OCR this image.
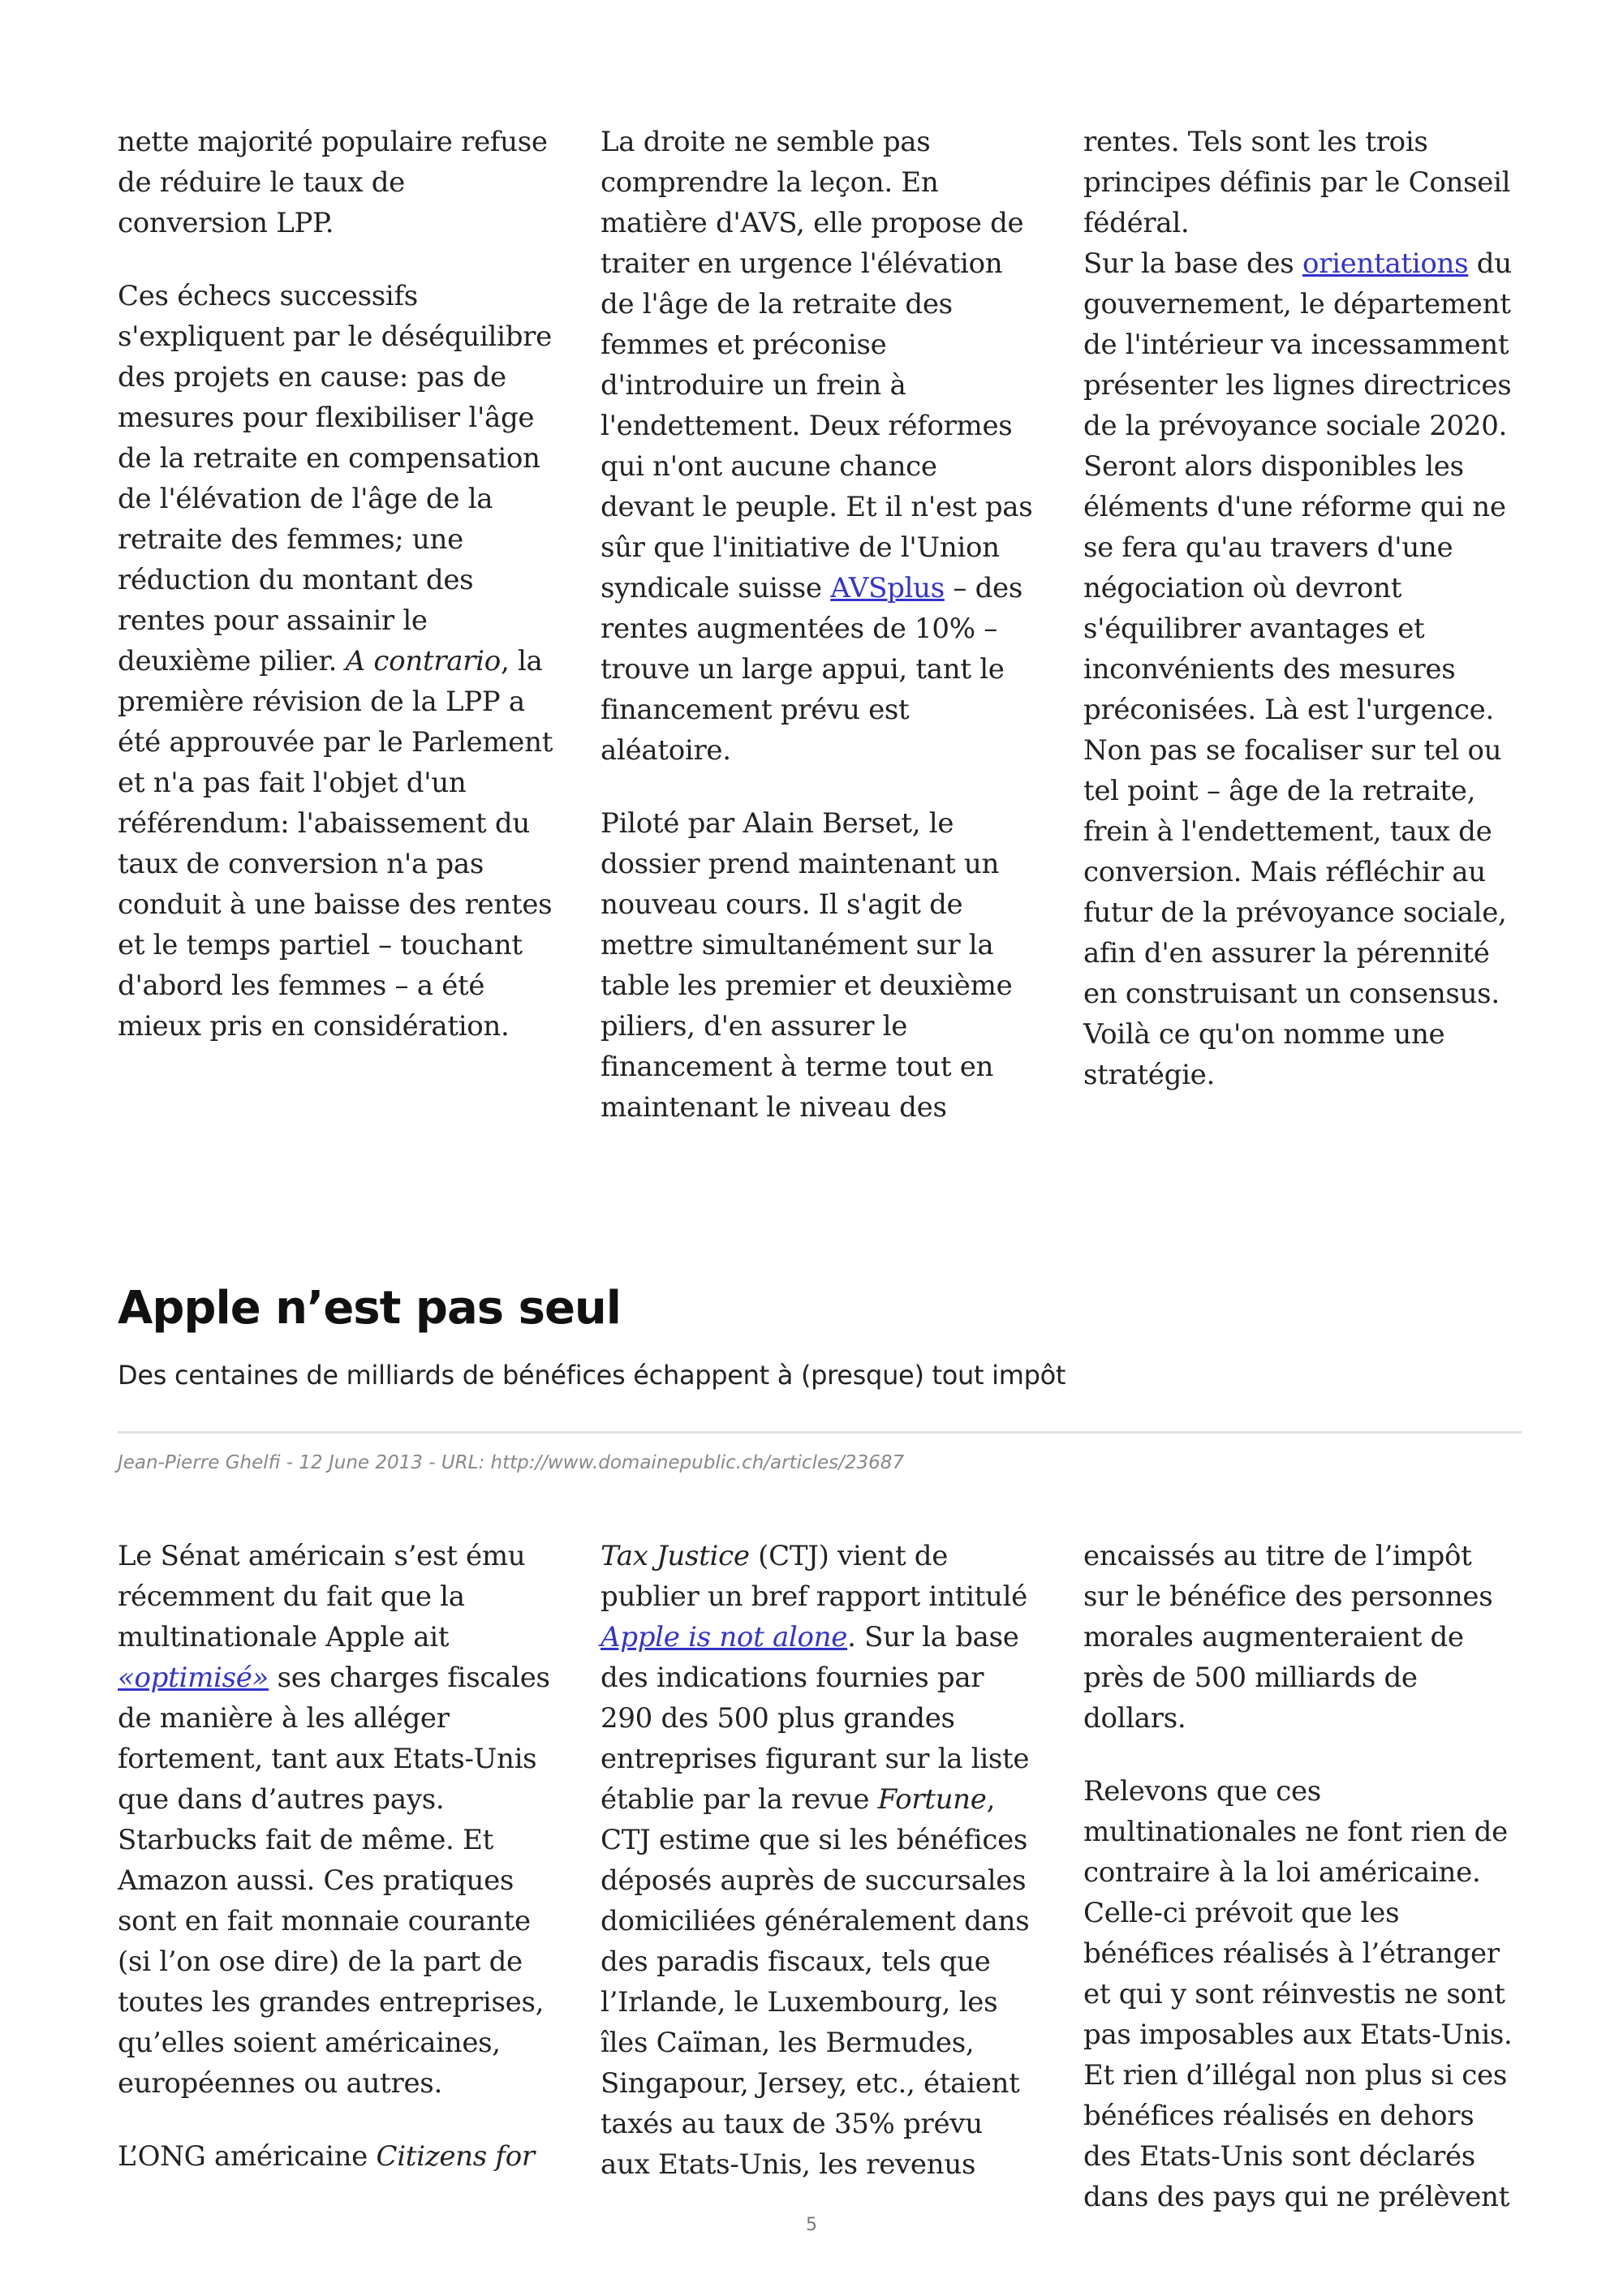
nette majorité populaire refuse de réduire le taux de conversion LPP.

Ces échecs successifs s'expliquent par le déséquilibre des projets en cause: pas de mesures pour flexibiliser l'âge de la retraite en compensation de l'élévation de l'âge de la retraite des femmes; une réduction du montant des rentes pour assainir le deuxième pilier. A contrario, la première révision de la LPP a été approuvée par le Parlement et n'a pas fait l'objet d'un référendum: l'abaissement du taux de conversion n'a pas conduit à une baisse des rentes et le temps partiel – touchant d'abord les femmes – a été mieux pris en considération.

La droite ne semble pas comprendre la leçon. En matière d'AVS, elle propose de traiter en urgence l'élévation de l'âge de la retraite des femmes et préconise d'introduire un frein à l'endettement. Deux réformes qui n'ont aucune chance devant le peuple. Et il n'est pas sûr que l'initiative de l'Union syndicale suisse AVSplus – des rentes augmentées de 10% – trouve un large appui, tant le financement prévu est aléatoire.

Piloté par Alain Berset, le dossier prend maintenant un nouveau cours. Il s'agit de mettre simultanément sur la table les premier et deuxième piliers, d'en assurer le financement à terme tout en maintenant le niveau des

rentes. Tels sont les trois principes définis par le Conseil fédéral.

Sur la base des orientations du gouvernement, le département de l'intérieur va incessamment présenter les lignes directrices de la prévoyance sociale 2020. Seront alors disponibles les éléments d'une réforme qui ne se fera qu'au travers d'une négociation où devront s'équilibrer avantages et inconvénients des mesures préconisées. Là est l'urgence. Non pas se focaliser sur tel ou tel point – âge de la retraite, frein à l'endettement, taux de conversion. Mais réfléchir au futur de la prévoyance sociale, afin d'en assurer la pérennité en construisant un consensus. Voilà ce qu'on nomme une stratégie.

Apple n’est pas seul

Des centaines de milliards de bénéfices échappent à (presque) tout impôt

Jean-Pierre Ghelfi - 12 June 2013 - URL: http://www.domainepublic.ch/articles/23687

Le Sénat américain s’est ému récemment du fait que la multinationale Apple ait «optimisé» ses charges fiscales de manière à les alléger fortement, tant aux Etats-Unis que dans d’autres pays. Starbucks fait de même. Et Amazon aussi. Ces pratiques sont en fait monnaie courante (si l’on ose dire) de la part de toutes les grandes entreprises, qu’elles soient américaines, européennes ou autres.

L’ONG américaine Citizens for

Tax Justice (CTJ) vient de publier un bref rapport intitulé Apple is not alone. Sur la base des indications fournies par 290 des 500 plus grandes entreprises figurant sur la liste établie par la revue Fortune, CTJ estime que si les bénéfices déposés auprès de succursales domiciliées généralement dans des paradis fiscaux, tels que l’Irlande, le Luxembourg, les îles Caïman, les Bermudes, Singapour, Jersey, etc., étaient taxés au taux de 35% prévu aux Etats-Unis, les revenus

encaissés au titre de l’impôt sur le bénéfice des personnes morales augmenteraient de près de 500 milliards de dollars.

Relevons que ces multinationales ne font rien de contraire à la loi américaine. Celle-ci prévoit que les bénéfices réalisés à l’étranger et qui y sont réinvestis ne sont pas imposables aux Etats-Unis. Et rien d’illégal non plus si ces bénéfices réalisés en dehors des Etats-Unis sont déclarés dans des pays qui ne prélèvent

5
